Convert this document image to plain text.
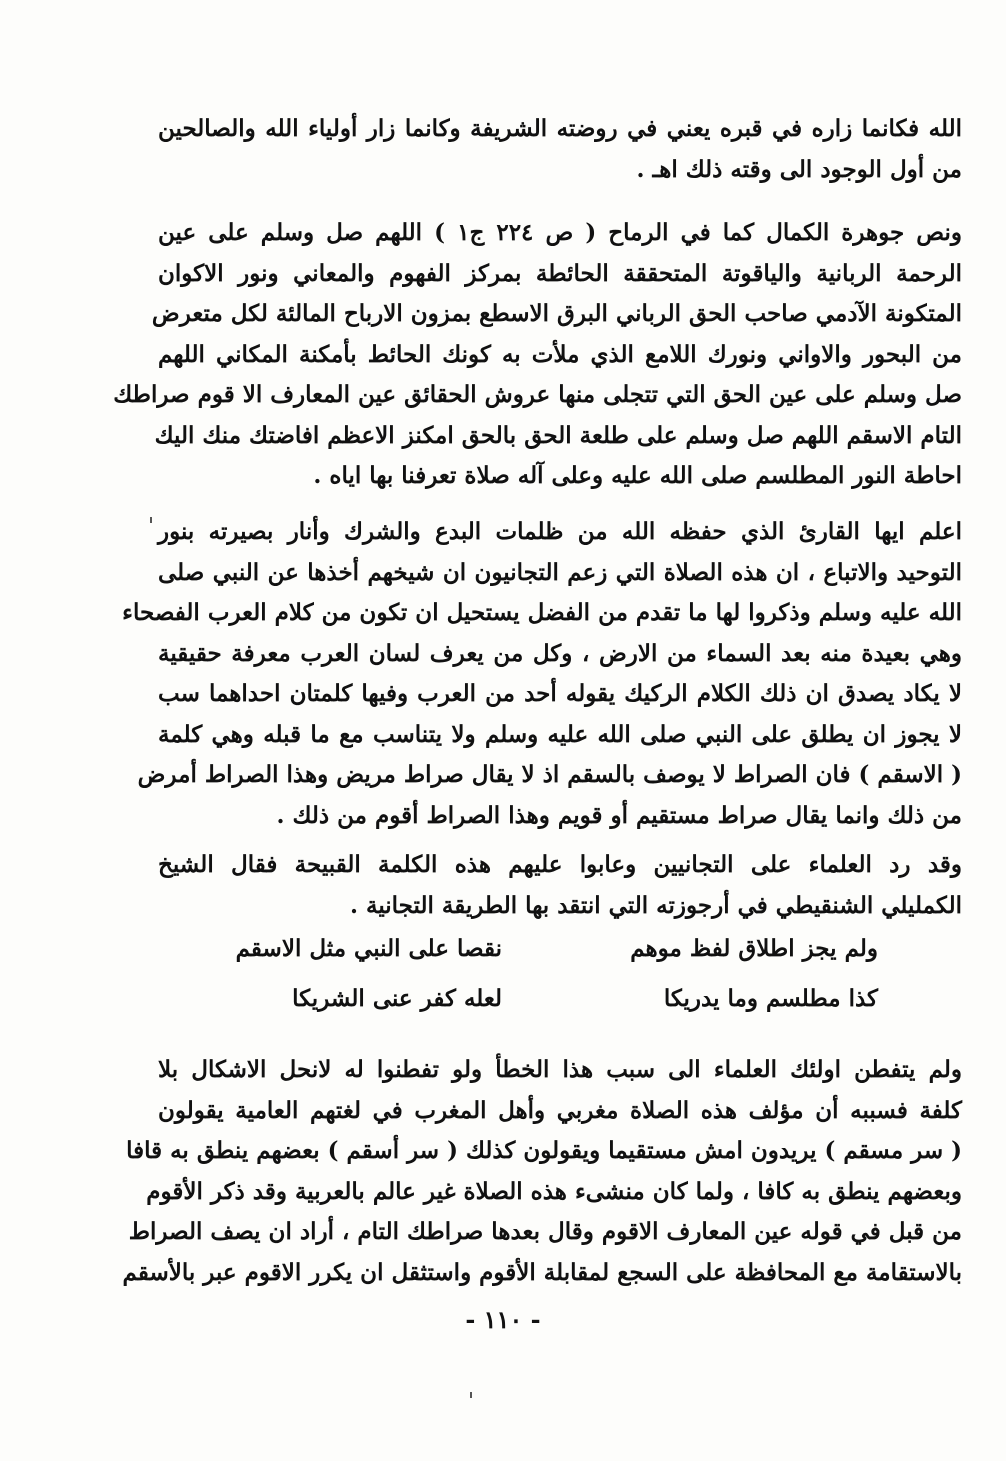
الله فكانما زاره في قبره يعني في روضته الشريفة وكانما زار أولياء الله والصالحين
من أول الوجود الى وقته ذلك اهـ .
ونص جوهرة الكمال كما في الرماح ( ص ٢٢٤ ج١ ) اللهم صل وسلم على عين
الرحمة الربانية والياقوتة المتحققة الحائطة بمركز الفهوم والمعاني ونور الاكوان
المتكونة الآدمي صاحب الحق الرباني البرق الاسطع بمزون الارباح المالئة لكل متعرض
من البحور والاواني ونورك اللامع الذي ملأت به كونك الحائط بأمكنة المكاني اللهم
صل وسلم على عين الحق التي تتجلى منها عروش الحقائق عين المعارف الا قوم صراطك
التام الاسقم اللهم صل وسلم على طلعة الحق بالحق امكنز الاعظم افاضتك منك اليك
احاطة النور المطلسم صلى الله عليه وعلى آله صلاة تعرفنا بها اياه .
اعلم ايها القارئ الذي حفظه الله من ظلمات البدع والشرك وأنار بصيرته بنور
التوحيد والاتباع ، ان هذه الصلاة التي زعم التجانيون ان شيخهم أخذها عن النبي صلى
الله عليه وسلم وذكروا لها ما تقدم من الفضل يستحيل ان تكون من كلام العرب الفصحاء
وهي بعيدة منه بعد السماء من الارض ، وكل من يعرف لسان العرب معرفة حقيقية
لا يكاد يصدق ان ذلك الكلام الركيك يقوله أحد من العرب وفيها كلمتان احداهما سب
لا يجوز ان يطلق على النبي صلى الله عليه وسلم ولا يتناسب مع ما قبله وهي كلمة
( الاسقم ) فان الصراط لا يوصف بالسقم اذ لا يقال صراط مريض وهذا الصراط أمرض
من ذلك وانما يقال صراط مستقيم أو قويم وهذا الصراط أقوم من ذلك .
وقد رد العلماء على التجانيين وعابوا عليهم هذه الكلمة القبيحة فقال الشيخ
الكمليلي الشنقيطي في أرجوزته التي انتقد بها الطريقة التجانية .
ولم يجز اطلاق لفظ موهم
نقصا على النبي مثل الاسقم
كذا مطلسم وما يدريكا
لعله كفر عنى الشريكا
ولم يتفطن اولئك العلماء الى سبب هذا الخطأ ولو تفطنوا له لانحل الاشكال بلا
كلفة فسببه أن مؤلف هذه الصلاة مغربي وأهل المغرب في لغتهم العامية يقولون
( سر مسقم ) يريدون امش مستقيما ويقولون كذلك ( سر أسقم ) بعضهم ينطق به قافا
وبعضهم ينطق به كافا ، ولما كان منشىء هذه الصلاة غير عالم بالعربية وقد ذكر الأقوم
من قبل في قوله عين المعارف الاقوم وقال بعدها صراطك التام ، أراد ان يصف الصراط
بالاستقامة مع المحافظة على السجع لمقابلة الأقوم واستثقل ان يكرر الاقوم عبر بالأسقم
- ١١٠ -
